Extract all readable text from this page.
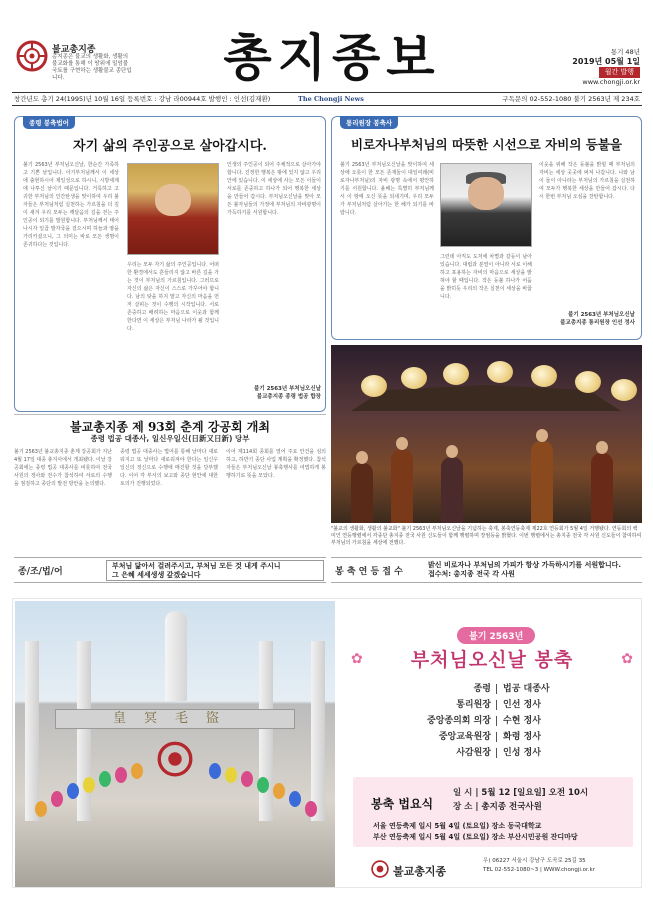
불교총지종
총지종은 불교의 생활화, 생활의 불교화를 통해 이 땅위에 밀엄불국토를 구현하는 생활불교 종단입니다.	총지종보	통기 48년
2019년 05월 1일
월간 발행
www.chongji.or.kr
창간년도 총기 24(1995)년 10월 16일 등록번호 : 강남 라00944호 발행인 : 인선(김재환)	The Chongji News	구독문의 02-552-1080 불기 2563년 제 234호
종령 봉축법어
자기 삶의 주인공으로 살아갑시다.
불기 2563년 부처님오신날, 한순간 가족하고 기쁜 날입니다. 아기부처님께서 이 세상에 출현하시어 제일성으로 하시니, 시방세계에 나투신 날이기 때문입니다. 거룩하고 고귀한 부처님의 인간탄생을 맞이하여 우리 불자들은 부처님처럼 실천하는 가르침을 더 깊이 새겨 우리 모두는 깨달음의 길을 걷는 주인공이 되기를 발원합니다. 부처님께서 태어나시자 일곱 발자국을 걸으시며 하늘과 땅을 가리키셨으니, 그 의미는 바로 모든 생명이 존귀하다는 것입니다.
우리는 모두 자기 삶의 주인공입니다. 어떠한 환경에서도 흔들리지 않고 바른 길을 가는 것이 부처님의 가르침입니다. 그러므로 자신의 삶은 자신이 스스로 가꾸어야 합니다. 남의 탓을 하지 말고 자신의 마음을 먼저 살피는 것이 수행의 시작입니다. 서로 존중하고 배려하는 마음으로 이웃과 함께 한다면 이 세상은 부처님 나라가 될 것입니다.
인생의 주인공이 되어 주체적으로 살아가야 합니다. 진정한 행복은 밖에 있지 않고 우리 안에 있습니다. 이 세상에 사는 모든 이들이 서로를 존중하고 하나가 되어 행복한 세상을 만들어 갑시다. 부처님오신날을 맞아 모든 불자님들의 가정에 부처님의 자비광명이 가득하기를 서원합니다.
불기 2563년 부처님오신날
불교총지종 종령 법공 합장
통리원장 봉축사
비로자나부처님의 따뜻한 시선으로 자비의 등불을
불기 2563년 부처님오신날을 맞이하여 세상에 오롯이 한 모든 존재들이 대일여래(비로자나부처님)의 자비 광명 속에서 평안하기를 서원합니다. 올해는 특별히 부처님께서 이 땅에 오신 뜻을 되새기며, 우리 모두가 부처님처럼 살아가는 한 해가 되기를 바랍니다.
그런데 아직도 도처에 차별과 갈등이 남아 있습니다. 대립과 분열이 아니라 서로 이해하고 포용하는 자비의 마음으로 세상을 밝혀야 할 때입니다. 작은 등불 하나가 어둠을 밝히듯 우리의 작은 실천이 세상을 바꿉니다.
이웃을 위해 작은 등불을 밝힐 때 부처님의 자비는 세상 곳곳에 퍼져 나갑니다. 나와 남이 둘이 아니라는 부처님의 가르침을 실천하여 모두가 행복한 세상을 만들어 갑시다. 다시 한번 부처님 오심을 찬탄합니다.
불기 2563년 부처님오신날
불교총지종 통리원장 인선 정사
"불교의 생활화, 생활의 불교화" 불기 2563년 부처님오신날을 기념하는 축제, 봉축연등축제 제22호 연등회가 5월 4일 거행됐다. 연등회의 백미인 연등행렬에서 각종단 총지종 전국 사원 신도들이 함께 행렬하며 장엄등을 밝혔다. 이번 행렬에서는 총지종 전국 각 사원 신도들이 참여하여 부처님의 가르침을 세상에 전했다.
불교총지종 제 93회 춘계 강공회 개최
종령 법공 대종사, 일신우일신(日新又日新) 당부
불기 2563년 불교총지종 춘계 강공회가 지난 4월 17일 대종 총지사에서 개최됐다. 이날 강공회에는 종령 법공 대종사를 비롯하여 전국 사원의 정사와 전수가 참석하여 서로의 수행을 점검하고 종단의 발전 방안을 논의했다.
종령 법공 대종사는 법어를 통해 날마다 새로워지고 또 날마다 새로워져야 한다는 일신우일신의 정신으로 수행에 매진할 것을 당부했다. 이어 각 부서의 보고와 종단 현안에 대한 토의가 진행되었다.
이어 제114회 종회를 열어 주요 안건을 심의하고, 하반기 종단 사업 계획을 확정했다. 참석자들은 부처님오신날 봉축행사를 여법하게 봉행하기로 뜻을 모았다.
종/조/법/어
부처님 닮아서 걸려주시고, 부처님 모든 것 내게 주시니
그 은혜 세세생생 갚겠습니다	봉 축 연 등 접 수
밝신 비로자나 부처님의 가피가 항상 가득하시기를 서원합니다.
접수처: 총지종 전국 각 사원
皇冥毛盜
불기 2563년
✿	✿
부처님오신날 봉축
종령 법공 대종사
통리원장 인선 정사
중앙종의회 의장 수현 정사
중앙교육원장 화령 정사
사감원장 인성 정사
봉축 법요식
일 시 | 5월 12 [일요일] 오전 10시
장 소 | 총지종 전국사원
서울 연등축제 일시 5월 4일 (토요일) 장소 동국대학교
부산 연등축제 일시 5월 4일 (토요일) 장소 부산시민공원 잔디마당
불교총지종
우) 06227 서울시 강남구 도곡로 25길 35
TEL 02-552-1080~3 | WWW.chongji.or.kr
